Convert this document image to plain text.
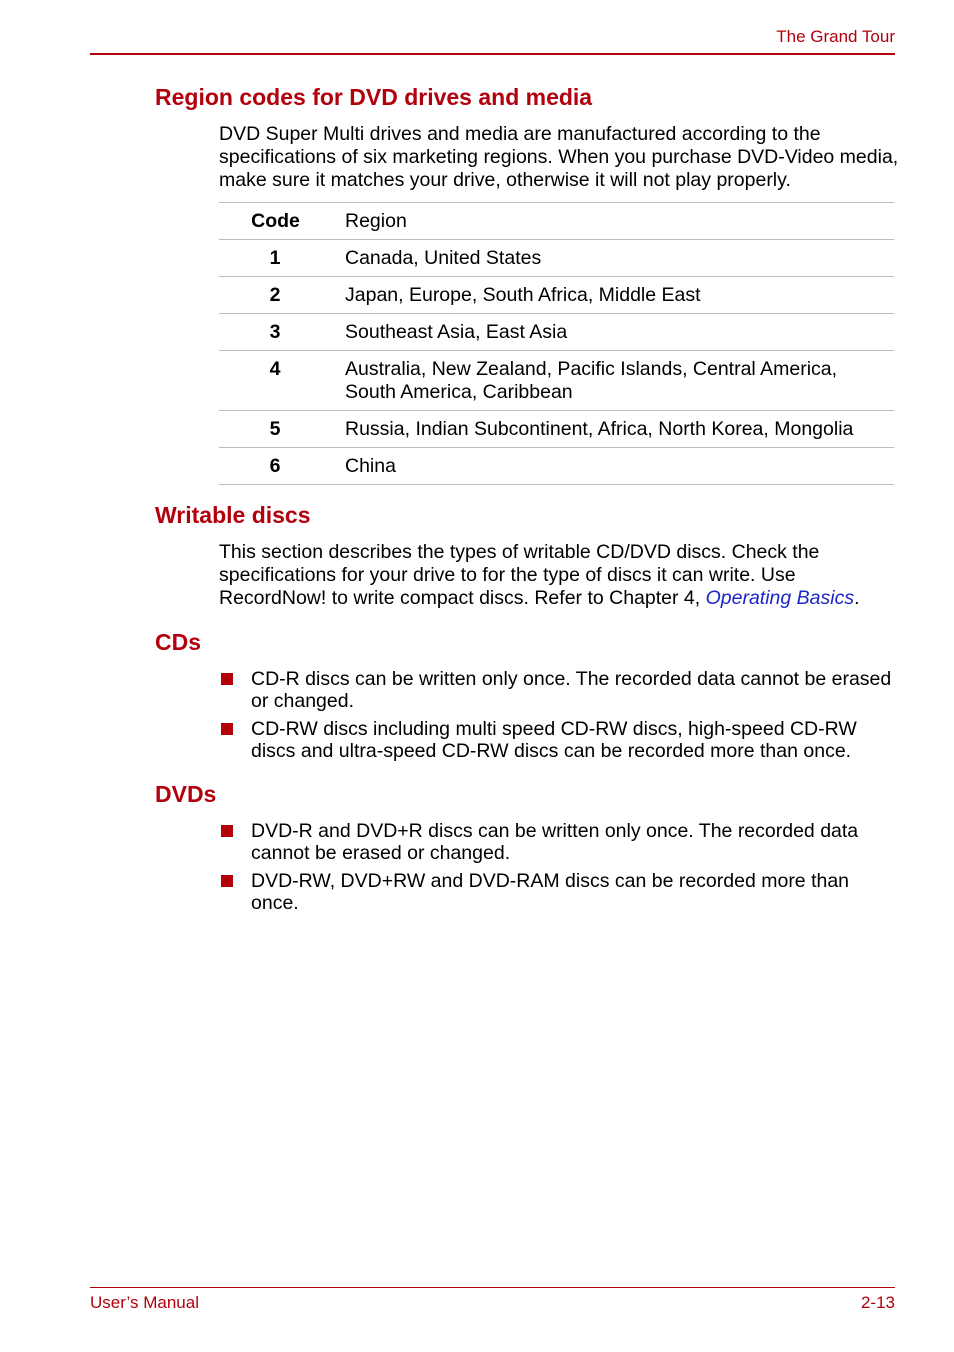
The Grand Tour
Region codes for DVD drives and media

DVD Super Multi drives and media are manufactured according to the specifications of six marketing regions. When you purchase DVD-Video media, make sure it matches your drive, otherwise it will not play properly.

Code	Region
1	Canada, United States
2	Japan, Europe, South Africa, Middle East
3	Southeast Asia, East Asia
4	Australia, New Zealand, Pacific Islands, Central America, South America, Caribbean
5	Russia, Indian Subcontinent, Africa, North Korea, Mongolia
6	China
Writable discs

This section describes the types of writable CD/DVD discs. Check the specifications for your drive to for the type of discs it can write. Use RecordNow! to write compact discs. Refer to Chapter 4, Operating Basics.

CDs
CD-R discs can be written only once. The recorded data cannot be erased or changed.
CD-RW discs including multi speed CD-RW discs, high-speed CD-RW discs and ultra-speed CD-RW discs can be recorded more than once.
DVDs
DVD-R and DVD+R discs can be written only once. The recorded data cannot be erased or changed.
DVD-RW, DVD+RW and DVD-RAM discs can be recorded more than once.
User’s Manual	2-13
